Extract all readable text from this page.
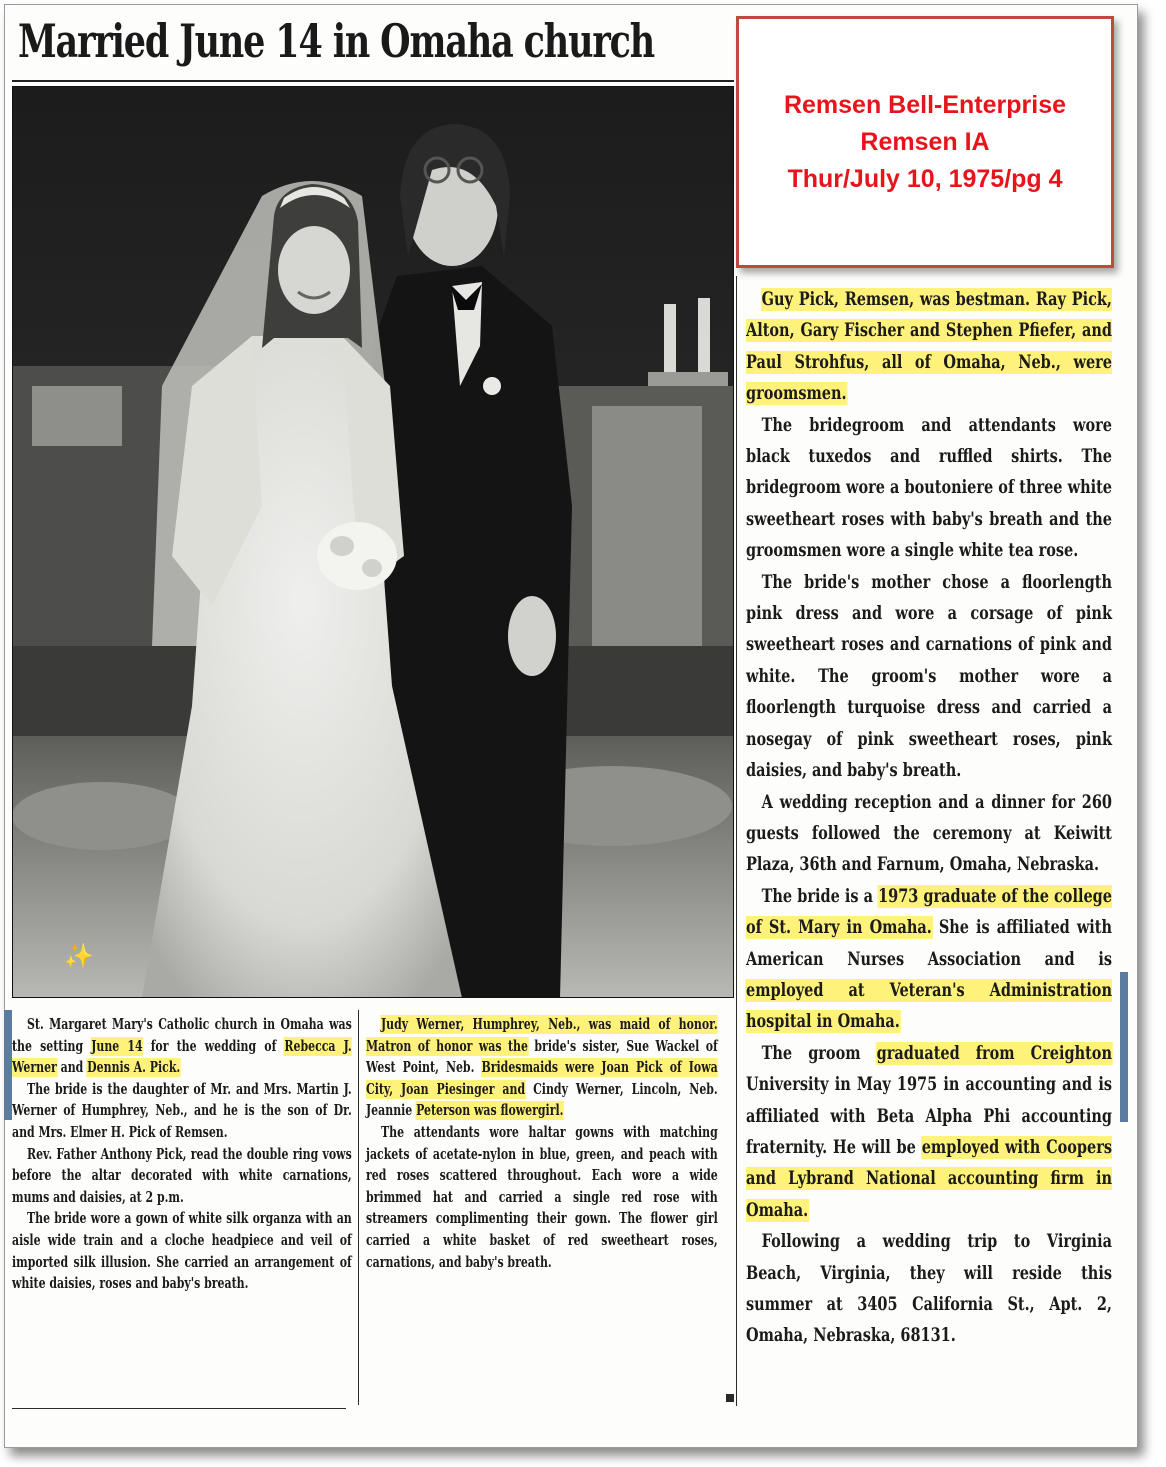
Married June 14 in Omaha church
✨
Remsen Bell-Enterprise
Remsen IA
Thur/July 10, 1975/pg 4

Guy Pick, Remsen, was bestman. Ray Pick, Alton, Gary Fischer and Stephen Pfiefer, and Paul Strohfus, all of Omaha, Neb., were groomsmen.

The bridegroom and attendants wore black tuxedos and ruffled shirts. The bridegroom wore a boutoniere of three white sweetheart roses with baby's breath and the groomsmen wore a single white tea rose.

The bride's mother chose a floorlength pink dress and wore a corsage of pink sweetheart roses and carnations of pink and white. The groom's mother wore a floorlength turquoise dress and carried a nosegay of pink sweetheart roses, pink daisies, and baby's breath.

A wedding reception and a dinner for 260 guests followed the ceremony at Keiwitt Plaza, 36th and Farnum, Omaha, Nebraska.

The bride is a 1973 graduate of the college of St. Mary in Omaha. She is affiliated with American Nurses Association and is employed at Veteran's Administration hospital in Omaha.

The groom graduated from Creighton University in May 1975 in accounting and is affiliated with Beta Alpha Phi accounting fraternity. He will be employed with Coopers and Lybrand National accounting firm in Omaha.

Following a wedding trip to Virginia Beach, Virginia, they will reside this summer at 3405 California St., Apt. 2, Omaha, Nebraska, 68131.

St. Margaret Mary's Catholic church in Omaha was the setting June 14 for the wedding of Rebecca J. Werner and Dennis A. Pick.

The bride is the daughter of Mr. and Mrs. Martin J. Werner of Humphrey, Neb., and he is the son of Dr. and Mrs. Elmer H. Pick of Remsen.

Rev. Father Anthony Pick, read the double ring vows before the altar decorated with white carnations, mums and daisies, at 2 p.m.

The bride wore a gown of white silk organza with an aisle wide train and a cloche headpiece and veil of imported silk illusion. She carried an arrangement of white daisies, roses and baby's breath.

Judy Werner, Humphrey, Neb., was maid of honor. Matron of honor was the bride's sister, Sue Wackel of West Point, Neb. Bridesmaids were Joan Pick of Iowa City, Joan Piesinger and Cindy Werner, Lincoln, Neb. Jeannie Peterson was flowergirl.

The attendants wore haltar gowns with matching jackets of acetate-nylon in blue, green, and peach with red roses scattered throughout. Each wore a wide brimmed hat and carried a single red rose with streamers complimenting their gown. The flower girl carried a white basket of red sweetheart roses, carnations, and baby's breath.
